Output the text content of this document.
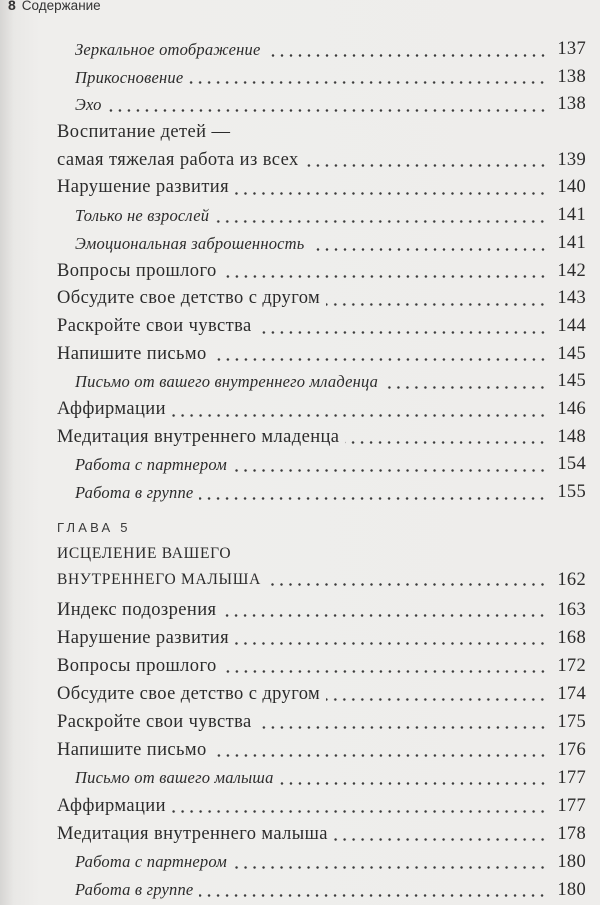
8 Содержание
Зеркальное отображение	137
Прикосновение	138
Эхо	138
Воспитание детей —
самая тяжелая работа из всех	139
Нарушение развития	140
Только не взрослей	141
Эмоциональная заброшенность	141
Вопросы прошлого	142
Обсудите свое детство с другом	143
Раскройте свои чувства	144
Напишите письмо	145
Письмо от вашего внутреннего младенца	145
Аффирмации	146
Медитация внутреннего младенца	148
Работа с партнером	154
Работа в группе	155
ГЛАВА 5
ИСЦЕЛЕНИЕ ВАШЕГО
ВНУТРЕННЕГО МАЛЫША	162
Индекс подозрения	163
Нарушение развития	168
Вопросы прошлого	172
Обсудите свое детство с другом	174
Раскройте свои чувства	175
Напишите письмо	176
Письмо от вашего малыша	177
Аффирмации	177
Медитация внутреннего малыша	178
Работа с партнером	180
Работа в группе	180
